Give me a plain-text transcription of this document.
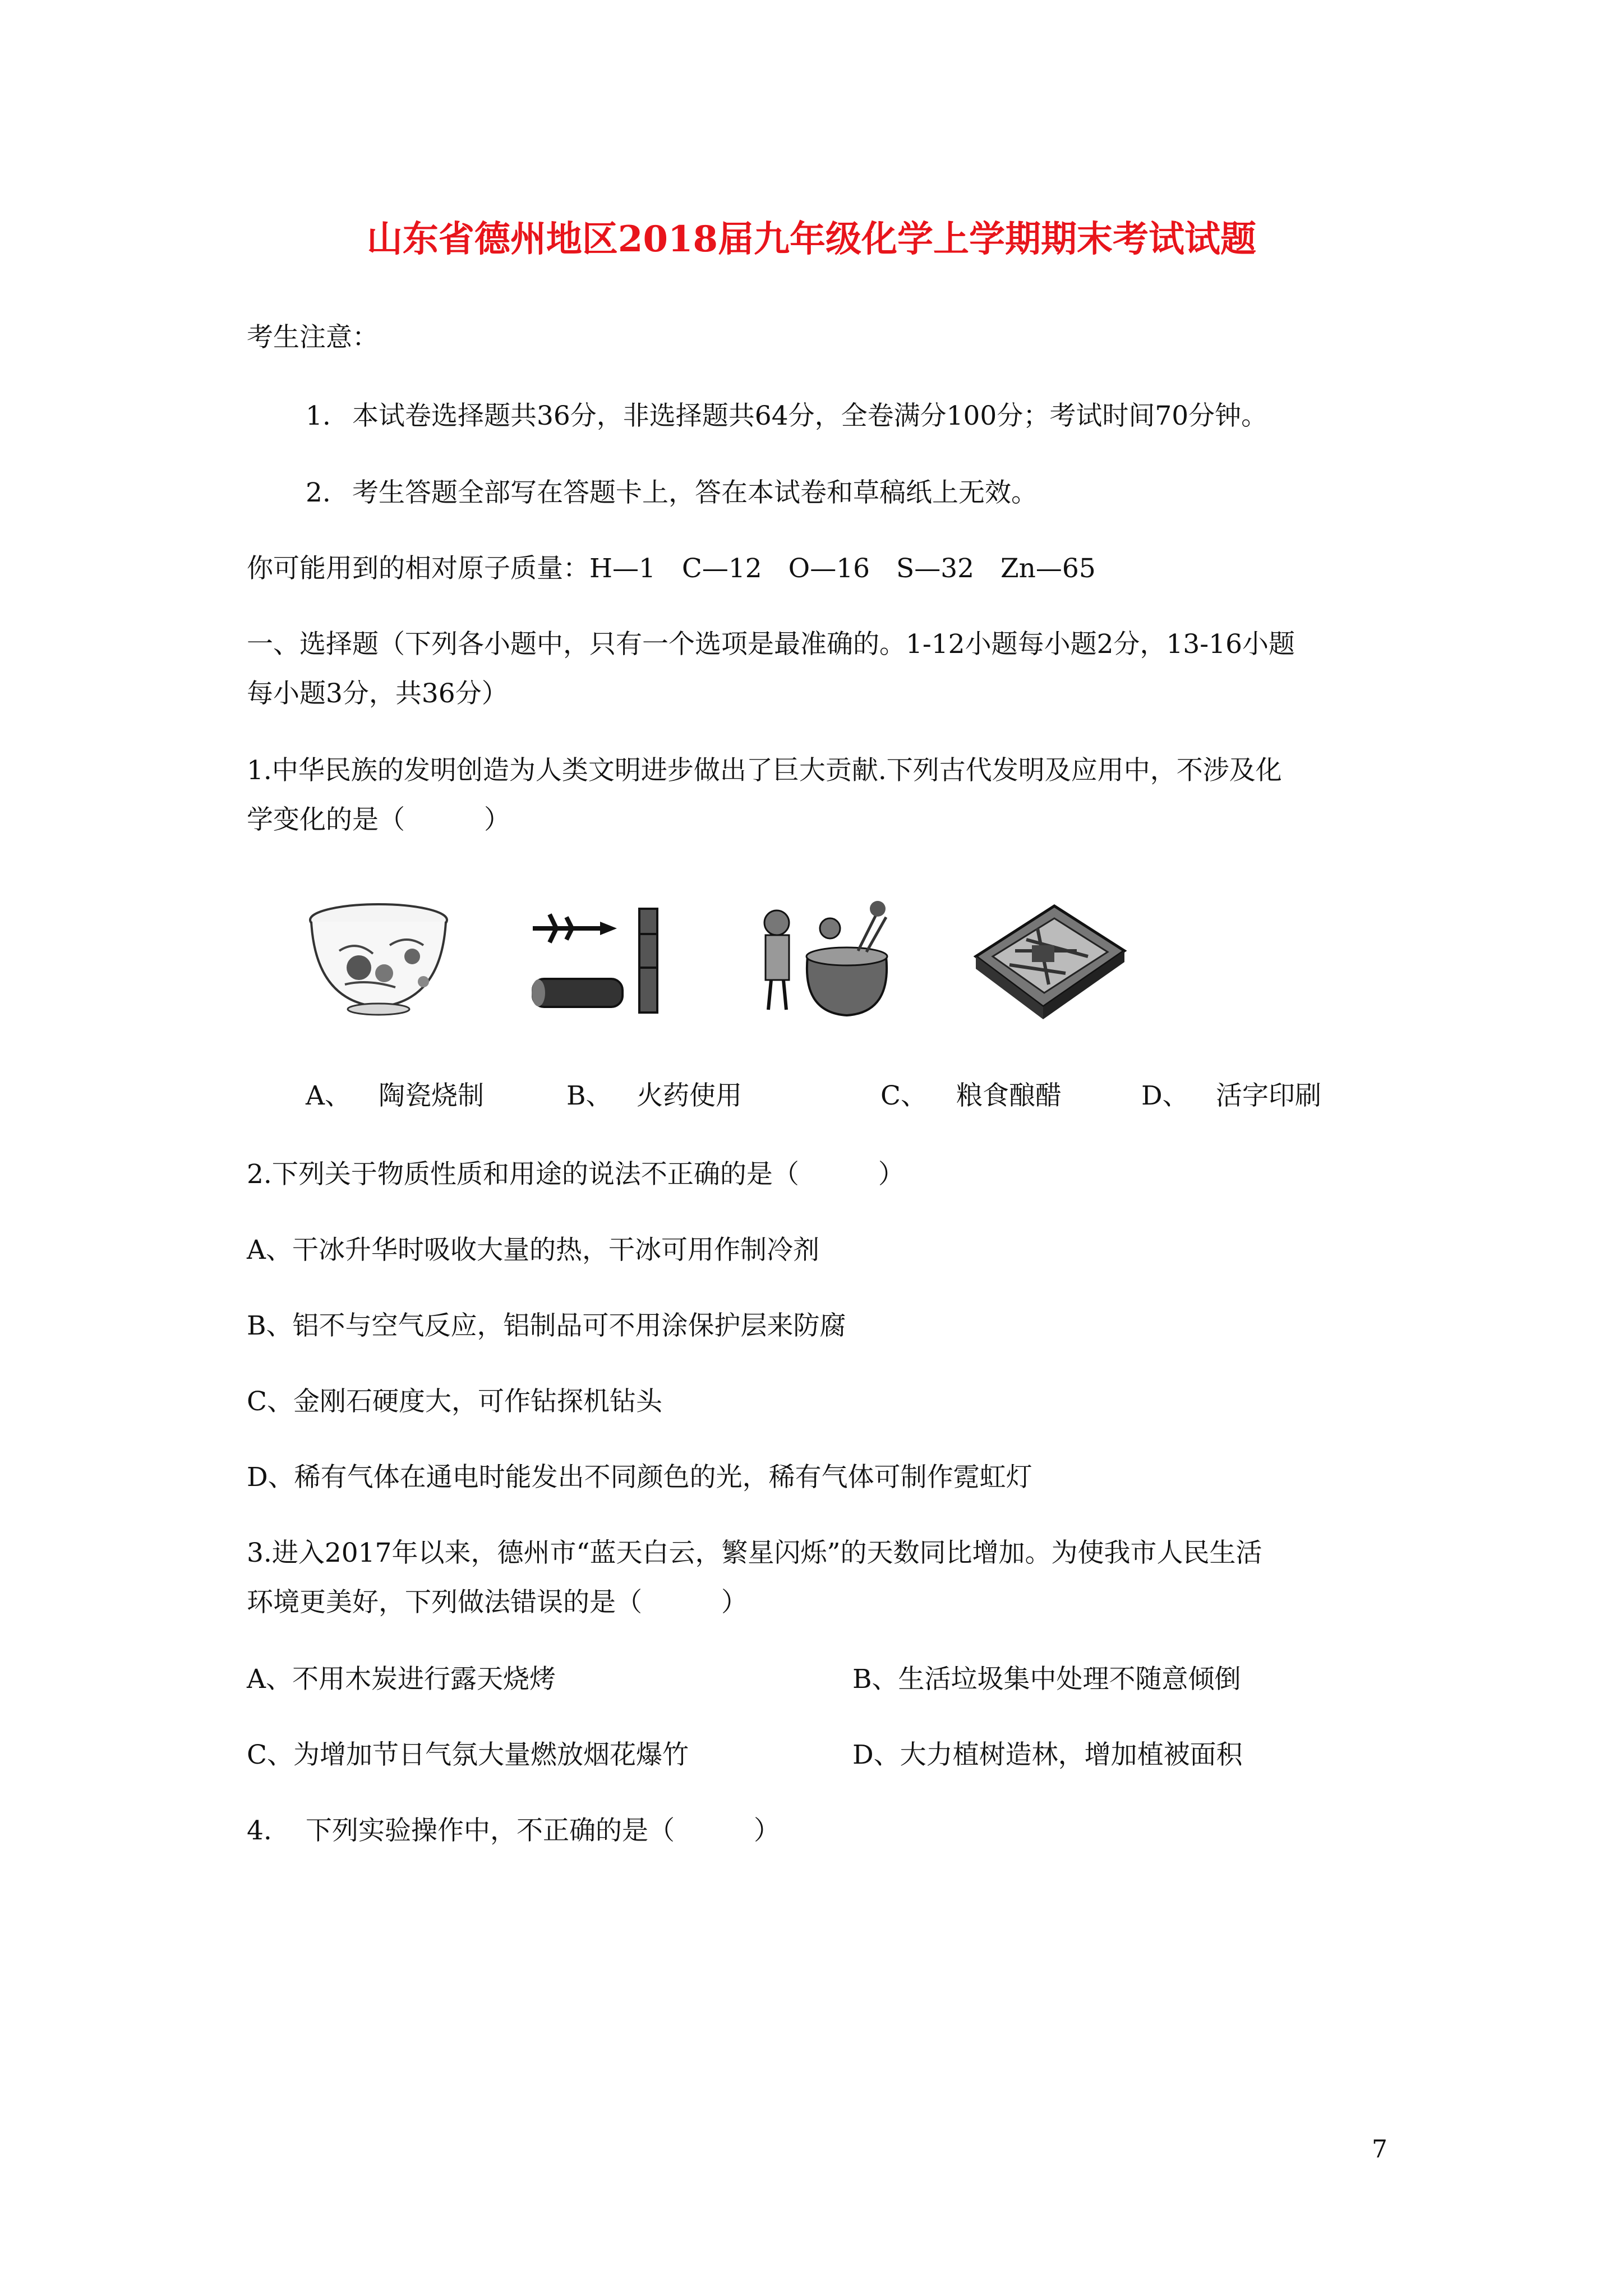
山东省德州地区2018届九年级化学上学期期末考试试题
考生注意：
1. 本试卷选择题共36分，非选择题共64分，全卷满分100分；考试时间70分钟。
2. 考生答题全部写在答题卡上，答在本试卷和草稿纸上无效。
你可能用到的相对原子质量：H—1　C—12　O—16　S—32　Zn—65
一、选择题（下列各小题中，只有一个选项是最准确的。1-12小题每小题2分，13-16小题
每小题3分，共36分）
1.中华民族的发明创造为人类文明进步做出了巨大贡献.下列古代发明及应用中，不涉及化
学变化的是（　　　）
A、 陶瓷烧制	B、 火药使用	C、 粮食酿醋	D、 活字印刷
2.下列关于物质性质和用途的说法不正确的是（　　　）
A、干冰升华时吸收大量的热，干冰可用作制冷剂
B、铝不与空气反应，铝制品可不用涂保护层来防腐
C、金刚石硬度大，可作钻探机钻头
D、稀有气体在通电时能发出不同颜色的光，稀有气体可制作霓虹灯
3.进入2017年以来，德州市“蓝天白云，繁星闪烁”的天数同比增加。为使我市人民生活
环境更美好，下列做法错误的是（　　　）
A、不用木炭进行露天烧烤	B、生活垃圾集中处理不随意倾倒
C、为增加节日气氛大量燃放烟花爆竹	D、大力植树造林，增加植被面积
4. 下列实验操作中，不正确的是（　　　）
7
